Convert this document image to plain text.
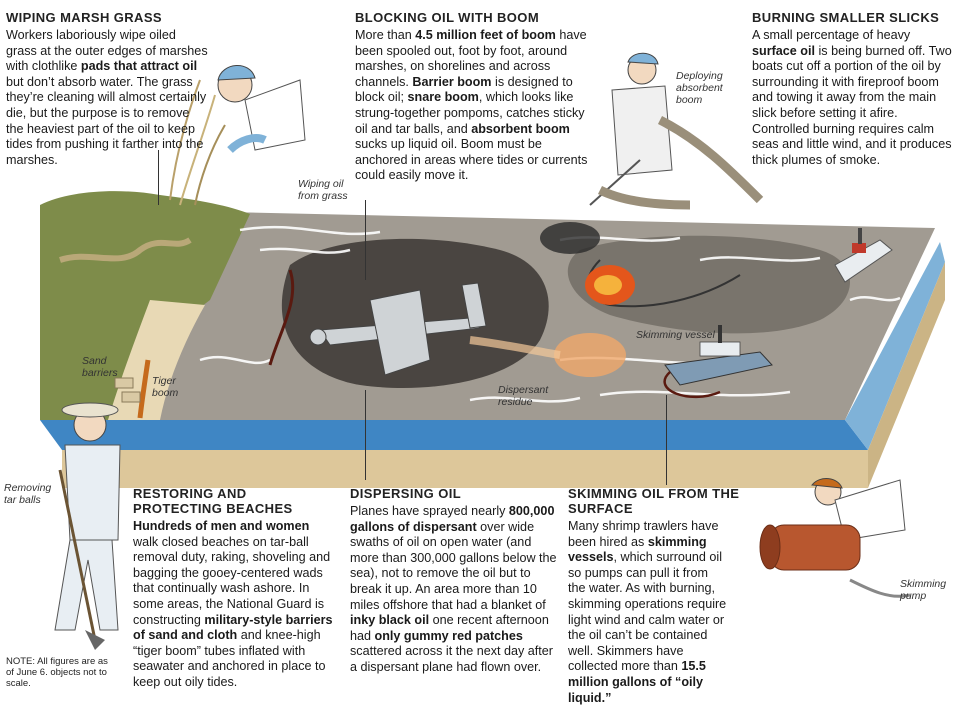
WIPING MARSH GRASS

Workers laboriously wipe oiled grass at the outer edges of marshes with clothlike pads that attract oil but don’t absorb water. The grass they’re cleaning will almost certainly die, but the purpose is to remove the heaviest part of the oil to keep tides from pushing it farther into the marshes.

BLOCKING OIL WITH BOOM

More than 4.5 million feet of boom have been spooled out, foot by foot, around marshes, on shorelines and across channels. Barrier boom is designed to block oil; snare boom, which looks like strung-together pompoms, catches sticky oil and tar balls, and absorbent boom sucks up liquid oil. Boom must be anchored in areas where tides or currents could easily move it.

BURNING SMALLER SLICKS

A small percentage of heavy surface oil is being burned off. Two boats cut off a portion of the oil by surrounding it with fireproof boom and towing it away from the main slick before setting it afire. Controlled burning requires calm seas and little wind, and it produces thick plumes of smoke.

RESTORING AND PROTECTING BEACHES

Hundreds of men and women walk closed beaches on tar-ball removal duty, raking, shoveling and bagging the gooey-centered wads that continually wash ashore. In some areas, the National Guard is constructing military-style barriers of sand and cloth and knee-high “tiger boom” tubes inflated with seawater and anchored in place to keep out oily tides.

DISPERSING OIL

Planes have sprayed nearly 800,000 gallons of dispersant over wide swaths of oil on open water (and more than 300,000 gallons below the sea), not to remove the oil but to break it up. An area more than 10 miles offshore that had a blanket of inky black oil one recent afternoon had only gummy red patches scattered across it the next day after a dispersant plane had flown over.

SKIMMING OIL FROM THE SURFACE

Many shrimp trawlers have been hired as skimming vessels, which surround oil so pumps can pull it from the water. As with burning, skimming operations require light wind and calm water or the oil can’t be contained well. Skimmers have collected more than 15.5 million gallons of “oily liquid.”

Wiping oil from grass
Deploying absorbent boom
Sand barriers
Tiger boom
Skimming vessel
Dispersant residue
Removing tar balls
Skimming pump
NOTE: All figures are as of June 6. objects not to scale.
